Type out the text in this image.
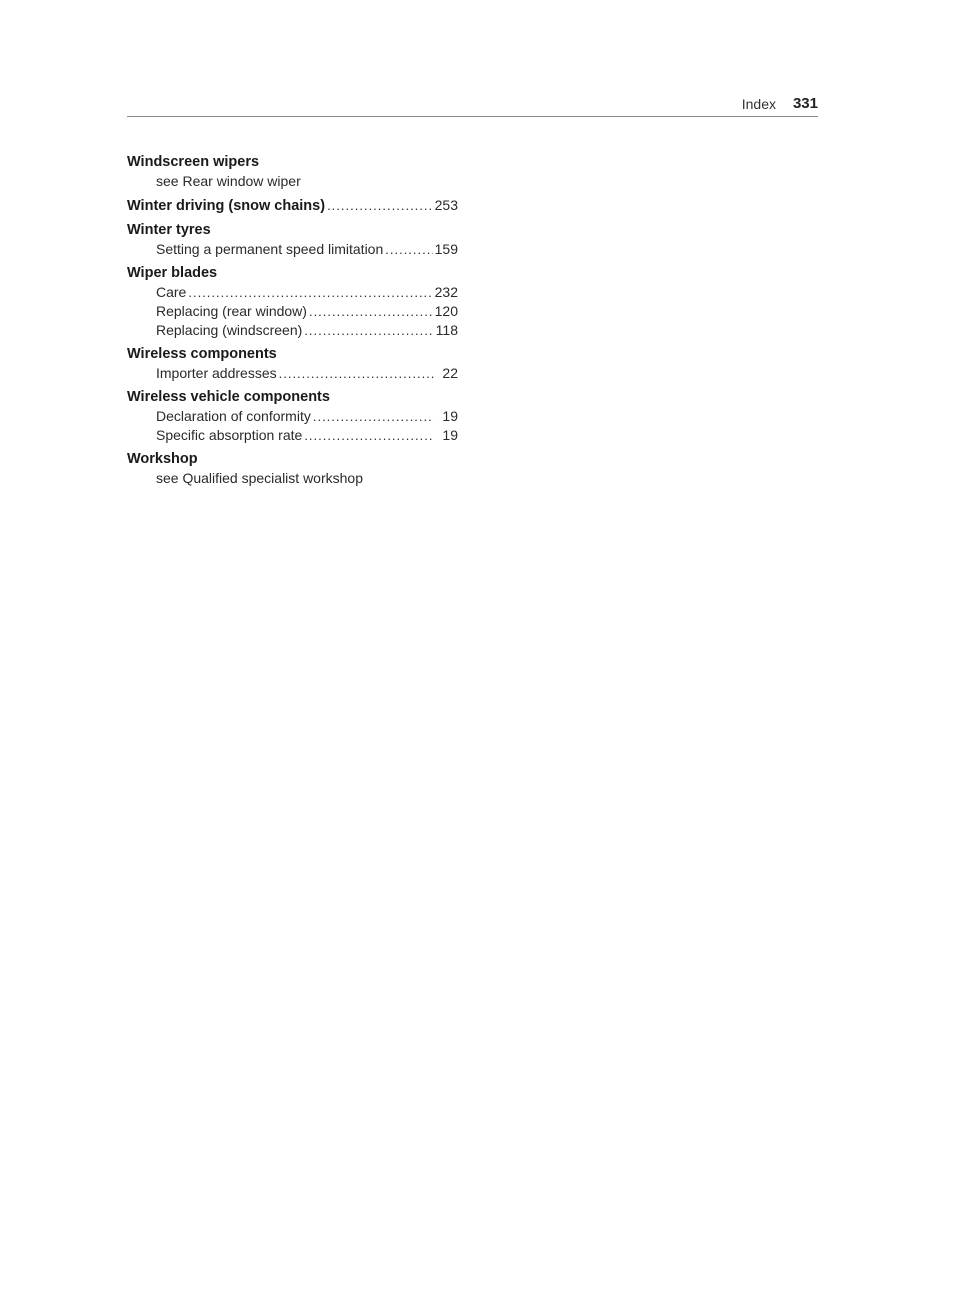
Index 331
Windscreen wipers
see Rear window wiper
Winter driving (snow chains) .....	253
Winter tyres
Setting a permanent speed limitation .....	159
Wiper blades
Care .....	232
Replacing (rear window) .....	120
Replacing (windscreen) .....	118
Wireless components
Importer addresses .....	22
Wireless vehicle components
Declaration of conformity .....	19
Specific absorption rate .....	19
Workshop
see Qualified specialist workshop
